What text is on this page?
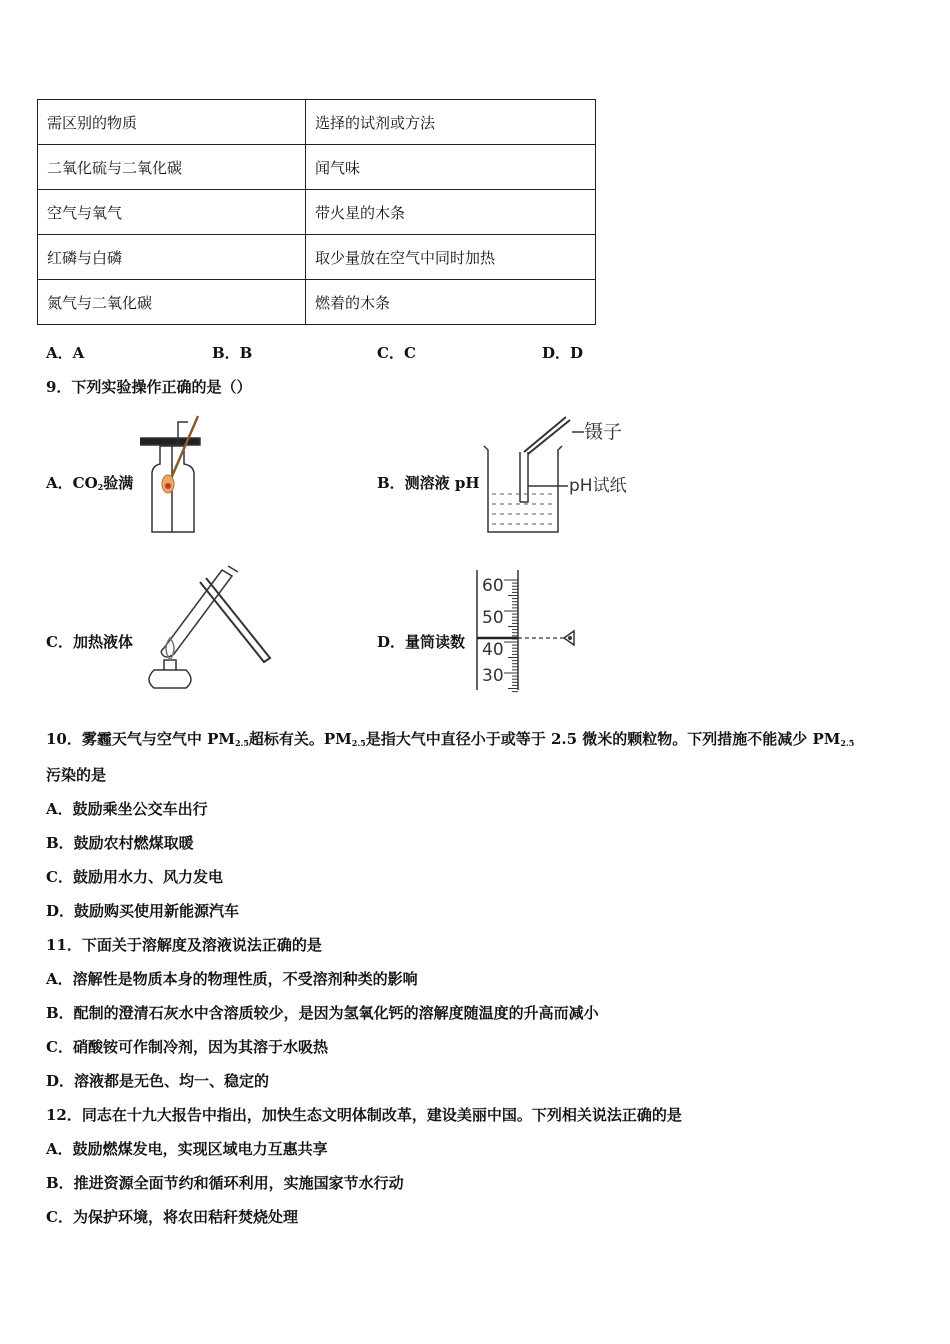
需区别的物质	选择的试剂或方法
二氧化硫与二氧化碳	闻气味
空气与氧气	带火星的木条
红磷与白磷	取少量放在空气中同时加热
氮气与二氧化碳	燃着的木条
A．A	B．B	C．C	D．D
9．下列实验操作正确的是（）
A．$CO_2$验满	B．测溶液 pH
镊子
pH试纸
C．加热液体	D．量筒读数
60
50
40
30
10．雾霾天气与空气中 $PM_{2.5}$超标有关。$PM_{2.5}$是指大气中直径小于或等于 2.5 微米的颗粒物。下列措施不能减少 $PM_{2.5}$
污染的是
A．鼓励乘坐公交车出行
B．鼓励农村燃煤取暖
C．鼓励用水力、风力发电
D．鼓励购买使用新能源汽车
11．下面关于溶解度及溶液说法正确的是
A．溶解性是物质本身的物理性质，不受溶剂种类的影响
B．配制的澄清石灰水中含溶质较少，是因为氢氧化钙的溶解度随温度的升高而减小
C．硝酸铵可作制冷剂，因为其溶于水吸热
D．溶液都是无色、均一、稳定的
12．同志在十九大报告中指出，加快生态文明体制改革，建设美丽中国。下列相关说法正确的是
A．鼓励燃煤发电，实现区域电力互惠共享
B．推进资源全面节约和循环利用，实施国家节水行动
C．为保护环境，将农田秸秆焚烧处理
